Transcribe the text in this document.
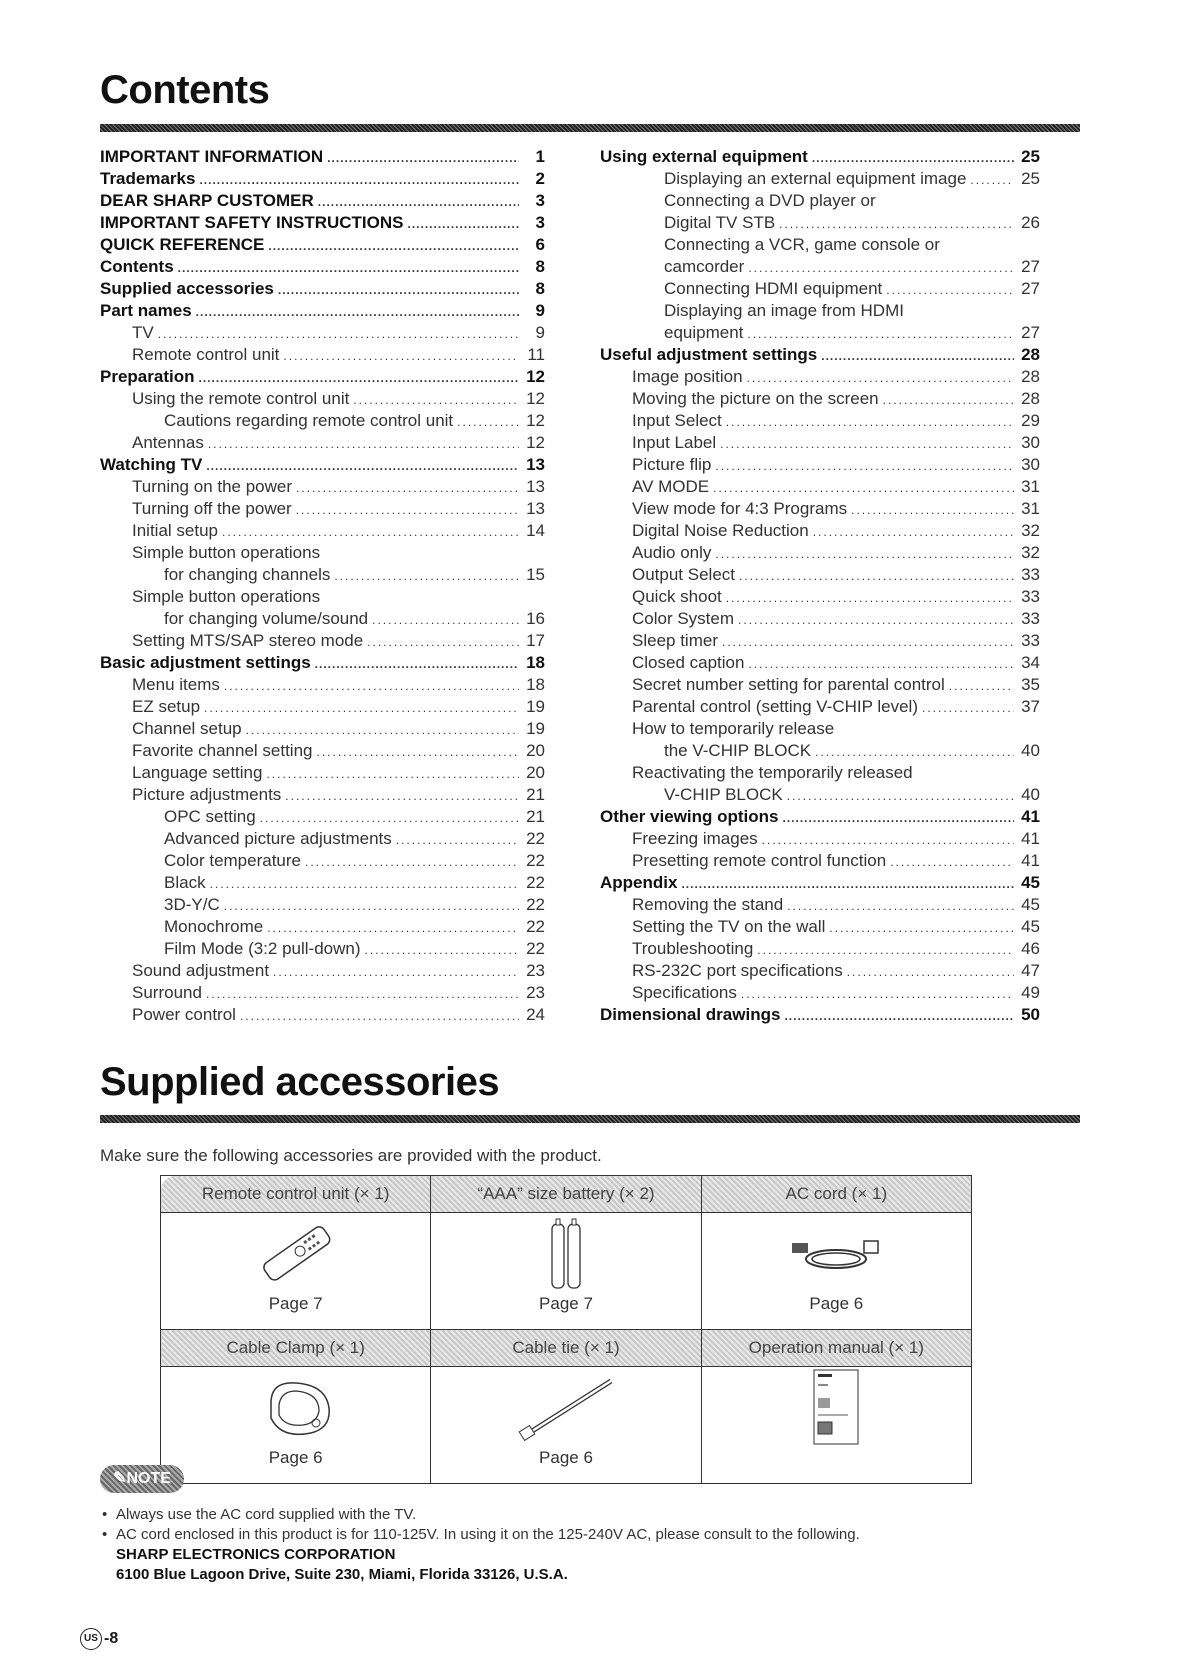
Contents
IMPORTANT INFORMATION .....	1
Trademarks .....	2
DEAR SHARP CUSTOMER .....	3
IMPORTANT SAFETY INSTRUCTIONS .....	3
QUICK REFERENCE .....	6
Contents .....	8
Supplied accessories .....	8
Part names .....	9
TV .....	9
Remote control unit .....	11
Preparation .....	12
Using the remote control unit .....	12
Cautions regarding remote control unit .....	12
Antennas .....	12
Watching TV .....	13
Turning on the power .....	13
Turning off the power .....	13
Initial setup .....	14
Simple button operations
for changing channels .....	15
Simple button operations
for changing volume/sound .....	16
Setting MTS/SAP stereo mode .....	17
Basic adjustment settings .....	18
Menu items .....	18
EZ setup .....	19
Channel setup .....	19
Favorite channel setting .....	20
Language setting .....	20
Picture adjustments .....	21
OPC setting .....	21
Advanced picture adjustments .....	22
Color temperature .....	22
Black .....	22
3D-Y/C .....	22
Monochrome .....	22
Film Mode (3:2 pull-down) .....	22
Sound adjustment .....	23
Surround .....	23
Power control .....	24
Using external equipment .....	25
Displaying an external equipment image .....	25
Connecting a DVD player or
Digital TV STB .....	26
Connecting a VCR, game console or
camcorder .....	27
Connecting HDMI equipment .....	27
Displaying an image from HDMI
equipment .....	27
Useful adjustment settings .....	28
Image position .....	28
Moving the picture on the screen .....	28
Input Select .....	29
Input Label .....	30
Picture flip .....	30
AV MODE .....	31
View mode for 4:3 Programs .....	31
Digital Noise Reduction .....	32
Audio only .....	32
Output Select .....	33
Quick shoot .....	33
Color System .....	33
Sleep timer .....	33
Closed caption .....	34
Secret number setting for parental control .....	35
Parental control (setting V-CHIP level) .....	37
How to temporarily release
the V-CHIP BLOCK .....	40
Reactivating the temporarily released
V-CHIP BLOCK .....	40
Other viewing options .....	41
Freezing images .....	41
Presetting remote control function .....	41
Appendix .....	45
Removing the stand .....	45
Setting the TV on the wall .....	45
Troubleshooting .....	46
RS-232C port specifications .....	47
Specifications .....	49
Dimensional drawings .....	50
Supplied accessories
Make sure the following accessories are provided with the product.
Remote control unit (× 1)	“AAA” size battery (× 2)	AC cord (× 1)

Page 7	Page 7	Page 6

Cable Clamp (× 1)	Cable tie (× 1)	Operation manual (× 1)

Page 6	Page 6

✎NOTE
• Always use the AC cord supplied with the TV.
• AC cord enclosed in this product is for 110-125V. In using it on the 125-240V AC, please consult to the following.
SHARP ELECTRONICS CORPORATION
6100 Blue Lagoon Drive, Suite 230, Miami, Florida 33126, U.S.A.
US -8
